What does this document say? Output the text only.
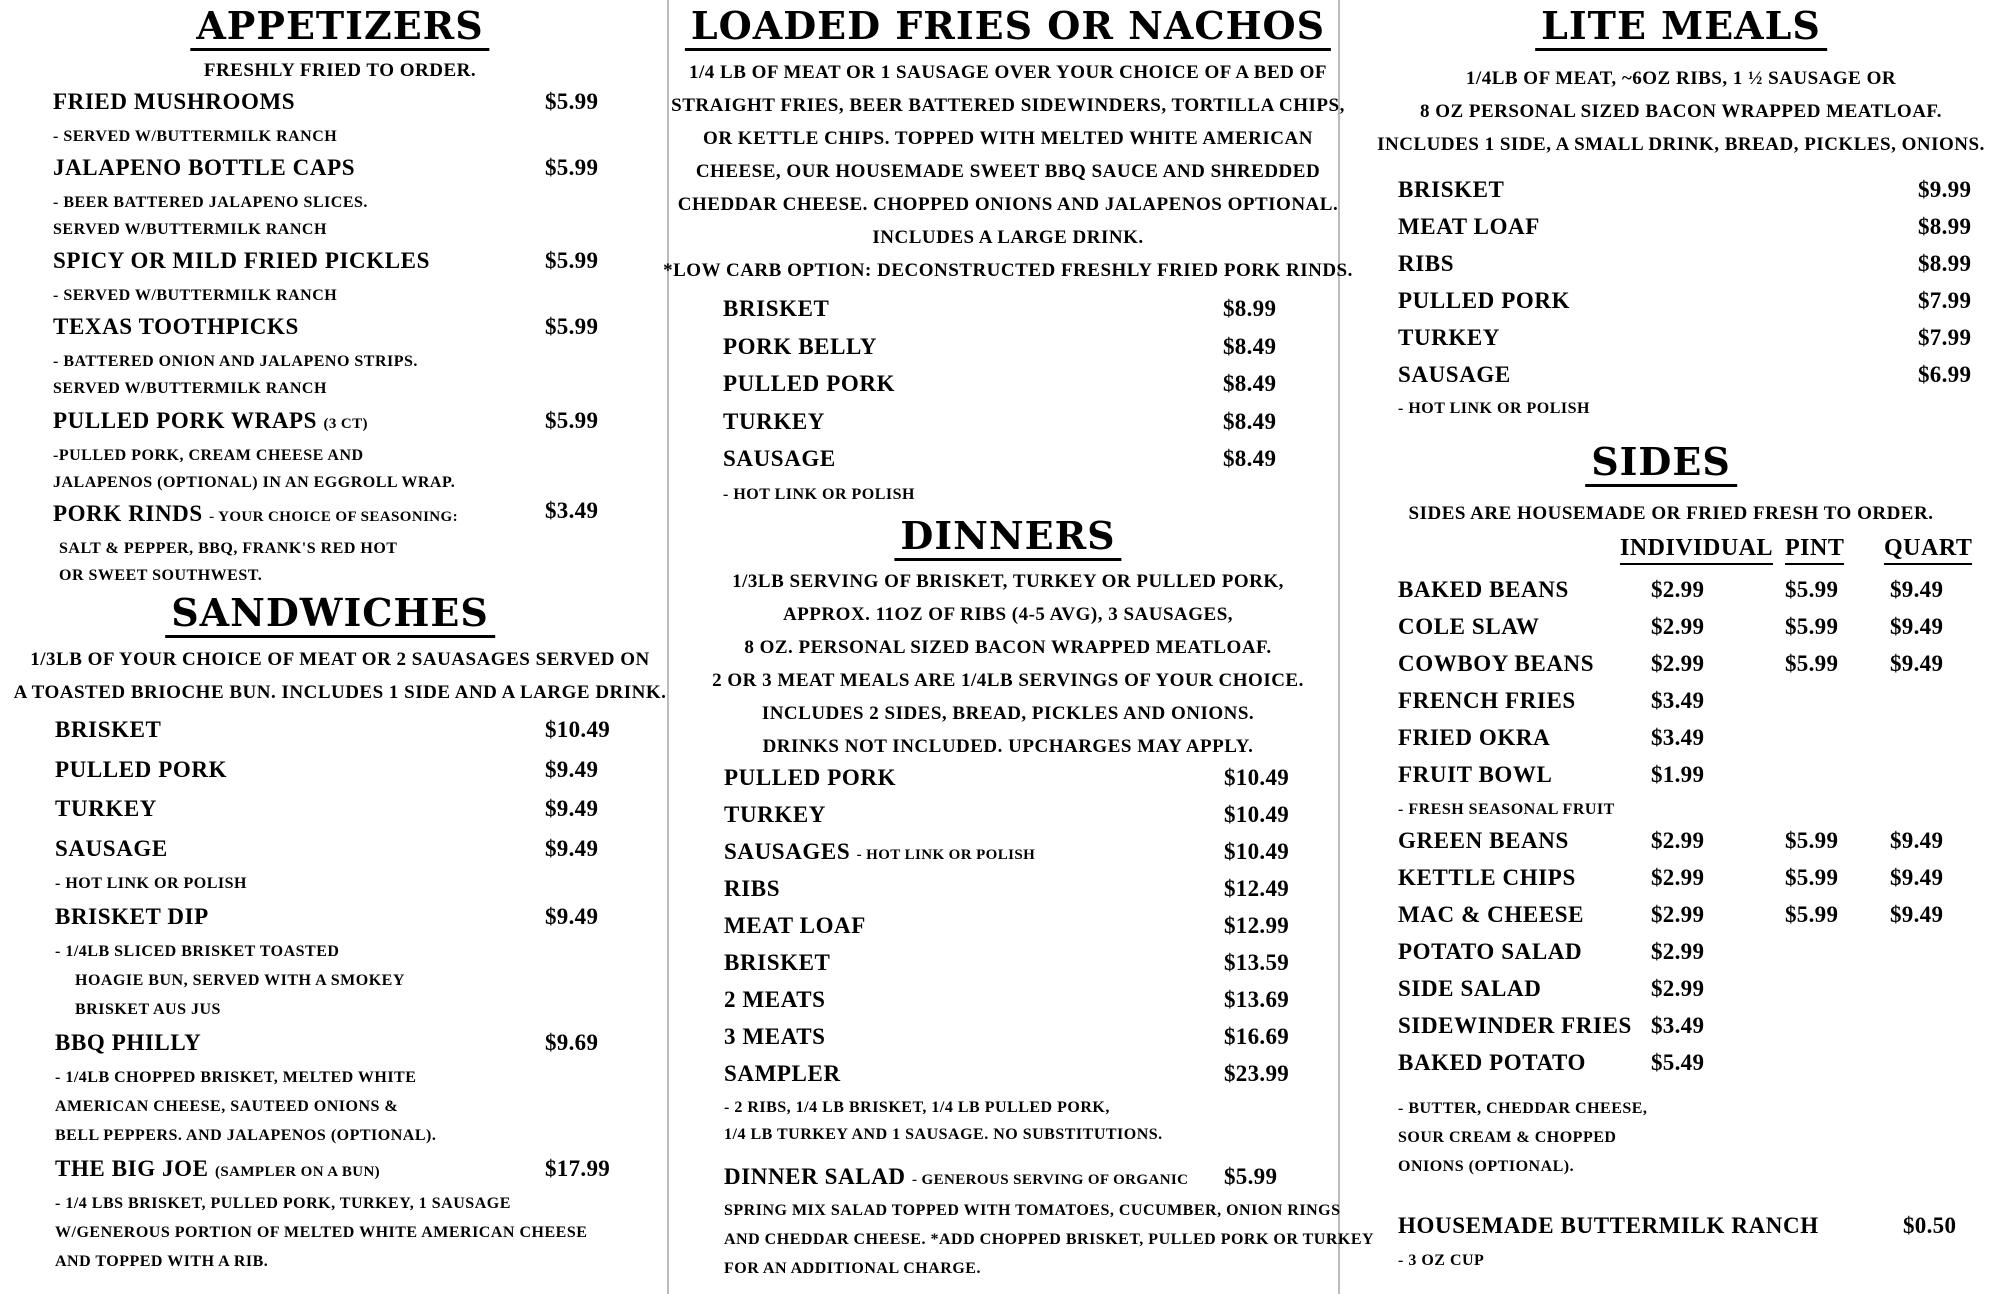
APPETIZERS
FRESHLY FRIED TO ORDER.
FRIED MUSHROOMS	$5.99
- SERVED W/BUTTERMILK RANCH
JALAPENO BOTTLE CAPS	$5.99
- BEER BATTERED JALAPENO SLICES.
SERVED W/BUTTERMILK RANCH
SPICY OR MILD FRIED PICKLES	$5.99
- SERVED W/BUTTERMILK RANCH
TEXAS TOOTHPICKS	$5.99
- BATTERED ONION AND JALAPENO STRIPS.
SERVED W/BUTTERMILK RANCH
PULLED PORK WRAPS (3 CT)	$5.99
-PULLED PORK, CREAM CHEESE AND
JALAPENOS (OPTIONAL) IN AN EGGROLL WRAP.
PORK RINDS - YOUR CHOICE OF SEASONING:	$3.49
SALT & PEPPER, BBQ, FRANK'S RED HOT
OR SWEET SOUTHWEST.
SANDWICHES
1/3LB OF YOUR CHOICE OF MEAT OR 2 SAUASAGES SERVED ON
A TOASTED BRIOCHE BUN. INCLUDES 1 SIDE AND A LARGE DRINK.
BRISKET	$10.49
PULLED PORK	$9.49
TURKEY	$9.49
SAUSAGE	$9.49
- HOT LINK OR POLISH
BRISKET DIP	$9.49
- 1/4LB SLICED BRISKET TOASTED
HOAGIE BUN, SERVED WITH A SMOKEY
BRISKET AUS JUS
BBQ PHILLY	$9.69
- 1/4LB CHOPPED BRISKET, MELTED WHITE
AMERICAN CHEESE, SAUTEED ONIONS &
BELL PEPPERS. AND JALAPENOS (OPTIONAL).
THE BIG JOE (SAMPLER ON A BUN)	$17.99
- 1/4 LBS BRISKET, PULLED PORK, TURKEY, 1 SAUSAGE
W/GENEROUS PORTION OF MELTED WHITE AMERICAN CHEESE
AND TOPPED WITH A RIB.
LOADED FRIES OR NACHOS
1/4 LB OF MEAT OR 1 SAUSAGE OVER YOUR CHOICE OF A BED OF
STRAIGHT FRIES, BEER BATTERED SIDEWINDERS, TORTILLA CHIPS,
OR KETTLE CHIPS. TOPPED WITH MELTED WHITE AMERICAN
CHEESE, OUR HOUSEMADE SWEET BBQ SAUCE AND SHREDDED
CHEDDAR CHEESE. CHOPPED ONIONS AND JALAPENOS OPTIONAL.
INCLUDES A LARGE DRINK.
*LOW CARB OPTION: DECONSTRUCTED FRESHLY FRIED PORK RINDS.
BRISKET	$8.99
PORK BELLY	$8.49
PULLED PORK	$8.49
TURKEY	$8.49
SAUSAGE	$8.49
- HOT LINK OR POLISH
DINNERS
1/3LB SERVING OF BRISKET, TURKEY OR PULLED PORK,
APPROX. 11OZ OF RIBS (4-5 AVG), 3 SAUSAGES,
8 OZ. PERSONAL SIZED BACON WRAPPED MEATLOAF.
2 OR 3 MEAT MEALS ARE 1/4LB SERVINGS OF YOUR CHOICE.
INCLUDES 2 SIDES, BREAD, PICKLES AND ONIONS.
DRINKS NOT INCLUDED. UPCHARGES MAY APPLY.
PULLED PORK	$10.49
TURKEY	$10.49
SAUSAGES - HOT LINK OR POLISH	$10.49
RIBS	$12.49
MEAT LOAF	$12.99
BRISKET	$13.59
2 MEATS	$13.69
3 MEATS	$16.69
SAMPLER	$23.99
- 2 RIBS, 1/4 LB BRISKET, 1/4 LB PULLED PORK,
1/4 LB TURKEY AND 1 SAUSAGE. NO SUBSTITUTIONS.
DINNER SALAD - GENEROUS SERVING OF ORGANIC $5.99
SPRING MIX SALAD TOPPED WITH TOMATOES, CUCUMBER, ONION RINGS
AND CHEDDAR CHEESE. *ADD CHOPPED BRISKET, PULLED PORK OR TURKEY
FOR AN ADDITIONAL CHARGE.
LITE MEALS
1/4LB OF MEAT, ~6OZ RIBS, 1 ½ SAUSAGE OR
8 OZ PERSONAL SIZED BACON WRAPPED MEATLOAF.
INCLUDES 1 SIDE, A SMALL DRINK, BREAD, PICKLES, ONIONS.
BRISKET	$9.99
MEAT LOAF	$8.99
RIBS	$8.99
PULLED PORK	$7.99
TURKEY	$7.99
SAUSAGE	$6.99
- HOT LINK OR POLISH
SIDES
SIDES ARE HOUSEMADE OR FRIED FRESH TO ORDER.
INDIVIDUAL PINT QUART
BAKED BEANS	$2.99	$5.99 $9.49
COLE SLAW	$2.99	$5.99 $9.49
COWBOY BEANS $2.99	$5.99 $9.49
FRENCH FRIES	$3.49
FRIED OKRA	$3.49
FRUIT BOWL	$1.99
- FRESH SEASONAL FRUIT
GREEN BEANS	$2.99	$5.99 $9.49
KETTLE CHIPS	$2.99	$5.99 $9.49
MAC & CHEESE	$2.99	$5.99 $9.49
POTATO SALAD	$2.99
SIDE SALAD	$2.99
SIDEWINDER FRIES $3.49
BAKED POTATO	$5.49
- BUTTER, CHEDDAR CHEESE,
SOUR CREAM & CHOPPED
ONIONS (OPTIONAL).
HOUSEMADE BUTTERMILK RANCH	$0.50
- 3 OZ CUP
